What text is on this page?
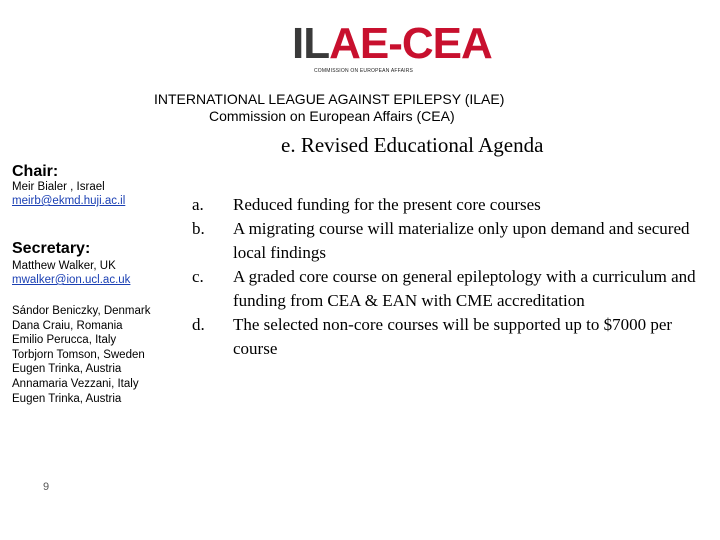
ILAE-CEA
COMMISSION ON EUROPEAN AFFAIRS
INTERNATIONAL LEAGUE AGAINST EPILEPSY (ILAE)
Commission on European Affairs (CEA)
e. Revised Educational Agenda
Chair:
Meir Bialer , Israel
meirb@ekmd.huji.ac.il
Secretary:
Matthew Walker, UK
mwalker@ion.ucl.ac.uk
Sándor Beniczky, Denmark
Dana Craiu, Romania
Emilio Perucca, Italy
Torbjorn Tomson, Sweden
Eugen Trinka, Austria
Annamaria Vezzani, Italy
Eugen Trinka, Austria
9
a.	Reduced funding for the present core courses
b.	A migrating course will materialize only upon demand and secured local findings
c.	A graded core course on general epileptology with a curriculum and funding from CEA & EAN with CME accreditation
d.	The selected non-core courses will be supported up to $7000 per course
